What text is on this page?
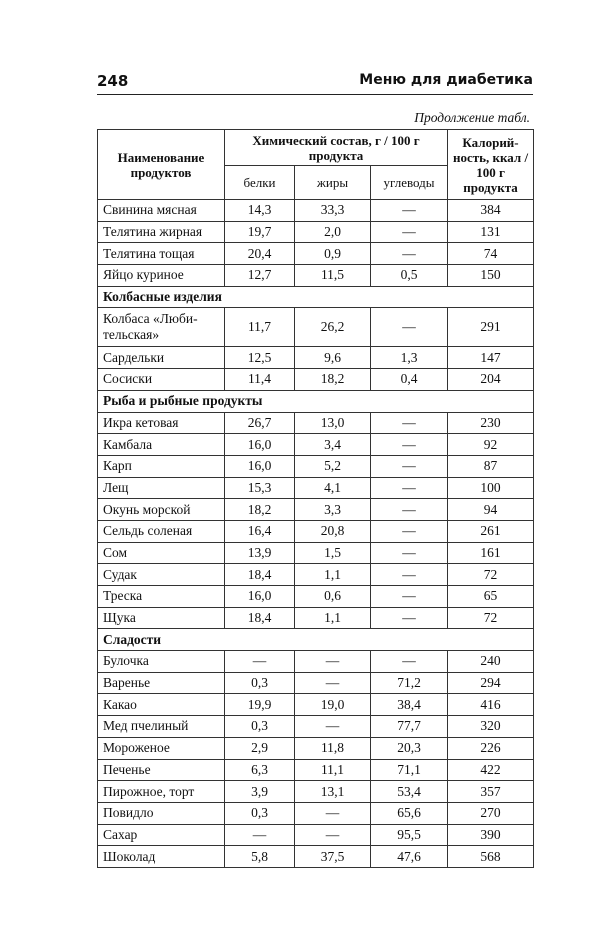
248	Меню для диабетика
Продолжение табл.
Наименование продуктов	Химический состав, г / 100 г продукта			Калорий-ность, ккал / 100 г продукта
	белки	жиры	углеводы	
Свинина мясная	14,3	33,3	—	384
Телятина жирная	19,7	2,0	—	131
Телятина тощая	20,4	0,9	—	74
Яйцо куриное	12,7	11,5	0,5	150
Колбасные изделия				
Колбаса «Люби-тельская»	11,7	26,2	—	291
Сардельки	12,5	9,6	1,3	147
Сосиски	11,4	18,2	0,4	204
Рыба и рыбные продукты				
Икра кетовая	26,7	13,0	—	230
Камбала	16,0	3,4	—	92
Карп	16,0	5,2	—	87
Лещ	15,3	4,1	—	100
Окунь морской	18,2	3,3	—	94
Сельдь соленая	16,4	20,8	—	261
Сом	13,9	1,5	—	161
Судак	18,4	1,1	—	72
Треска	16,0	0,6	—	65
Щука	18,4	1,1	—	72
Сладости				
Булочка	—	—	—	240
Варенье	0,3	—	71,2	294
Какао	19,9	19,0	38,4	416
Мед пчелиный	0,3	—	77,7	320
Мороженое	2,9	11,8	20,3	226
Печенье	6,3	11,1	71,1	422
Пирожное, торт	3,9	13,1	53,4	357
Повидло	0,3	—	65,6	270
Сахар	—	—	95,5	390
Шоколад	5,8	37,5	47,6	568
